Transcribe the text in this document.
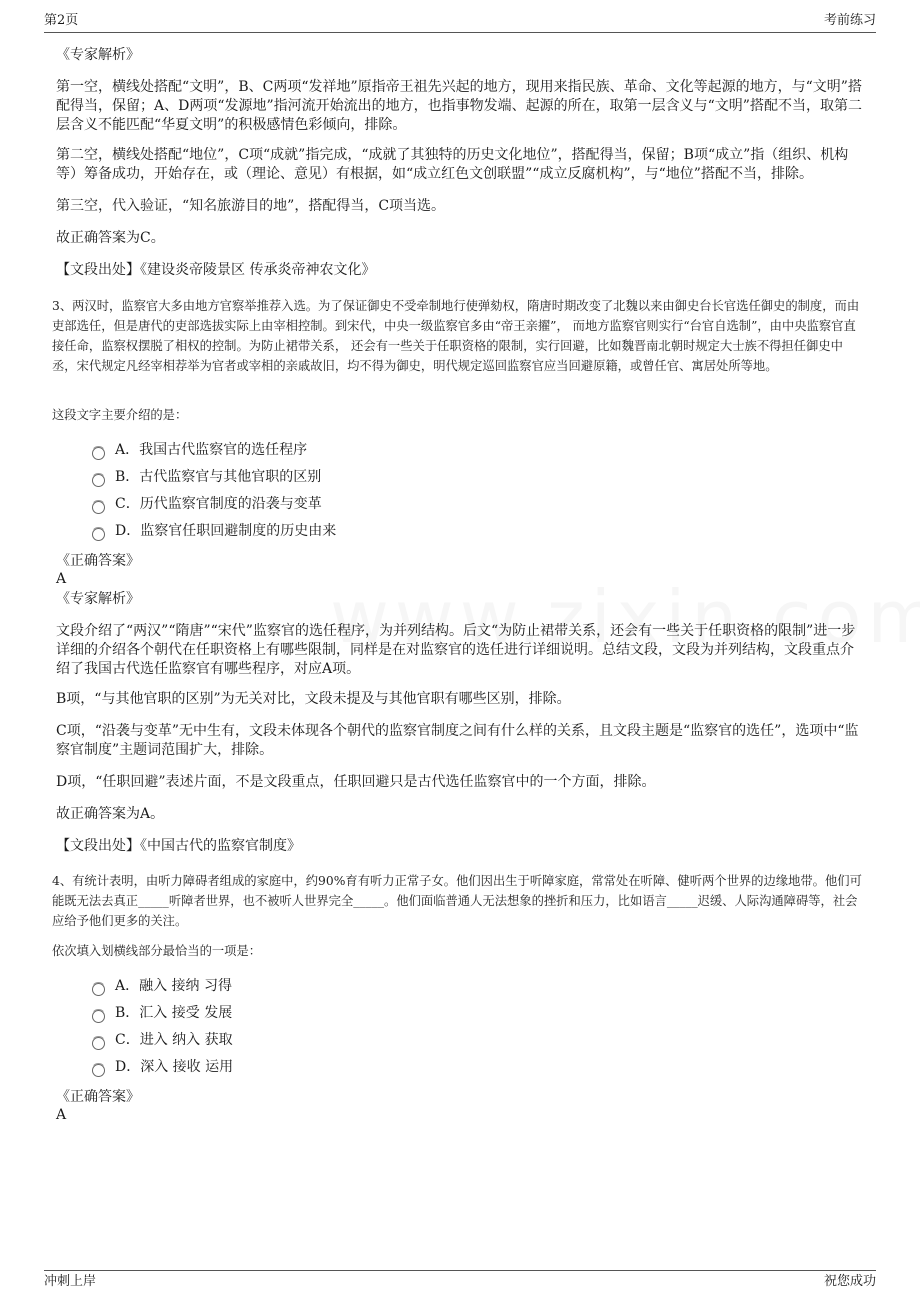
第2页	考前练习

《专家解析》

第一空，横线处搭配“文明”，B、C两项“发祥地”原指帝王祖先兴起的地方，现用来指民族、革命、文化等起源的地方，与“文明”搭配得当，保留；A、D两项“发源地”指河流开始流出的地方，也指事物发端、起源的所在，取第一层含义与“文明”搭配不当，取第二层含义不能匹配“华夏文明”的积极感情色彩倾向，排除。

第二空，横线处搭配“地位”，C项“成就”指完成，“成就了其独特的历史文化地位”，搭配得当，保留；B项“成立”指（组织、机构等）筹备成功，开始存在，或（理论、意见）有根据，如“成立红色文创联盟”“成立反腐机构”，与“地位”搭配不当，排除。

第三空，代入验证，“知名旅游目的地”，搭配得当，C项当选。

故正确答案为C。

【文段出处】《建设炎帝陵景区 传承炎帝神农文化》

3、两汉时，监察官大多由地方官察举推荐入选。为了保证御史不受牵制地行使弹劾权，隋唐时期改变了北魏以来由御史台长官选任御史的制度，而由吏部选任，但是唐代的吏部选拔实际上由宰相控制。到宋代，中央一级监察官多由“帝王亲擢”， 而地方监察官则实行“台官自选制”，由中央监察官直接任命，监察权摆脱了相权的控制。为防止裙带关系， 还会有一些关于任职资格的限制，实行回避，比如魏晋南北朝时规定大士族不得担任御史中丞，宋代规定凡经宰相荐举为官者或宰相的亲戚故旧，均不得为御史，明代规定巡回监察官应当回避原籍，或曾任官、寓居处所等地。

这段文字主要介绍的是：

A．我国古代监察官的选任程序
B．古代监察官与其他官职的区别
C．历代监察官制度的沿袭与变革
D．监察官任职回避制度的历史由来

《正确答案》

A

《专家解析》

文段介绍了“两汉”“隋唐”“宋代”监察官的选任程序，为并列结构。后文“为防止裙带关系，还会有一些关于任职资格的限制”进一步详细的介绍各个朝代在任职资格上有哪些限制，同样是在对监察官的选任进行详细说明。总结文段，文段为并列结构，文段重点介绍了我国古代选任监察官有哪些程序，对应A项。

B项，“与其他官职的区别”为无关对比，文段未提及与其他官职有哪些区别，排除。

C项，“沿袭与变革”无中生有，文段未体现各个朝代的监察官制度之间有什么样的关系，且文段主题是“监察官的选任”，选项中“监察官制度”主题词范围扩大，排除。

D项，“任职回避”表述片面，不是文段重点，任职回避只是古代选任监察官中的一个方面，排除。

故正确答案为A。

【文段出处】《中国古代的监察官制度》

4、有统计表明，由听力障碍者组成的家庭中，约90%育有听力正常子女。他们因出生于听障家庭，常常处在听障、健听两个世界的边缘地带。他们可能既无法去真正_____听障者世界，也不被听人世界完全_____。他们面临普通人无法想象的挫折和压力，比如语言_____迟缓、人际沟通障碍等，社会应给予他们更多的关注。

依次填入划横线部分最恰当的一项是：

A．融入 接纳 习得
B．汇入 接受 发展
C．进入 纳入 获取
D．深入 接收 运用

《正确答案》

A

冲刺上岸	祝您成功
